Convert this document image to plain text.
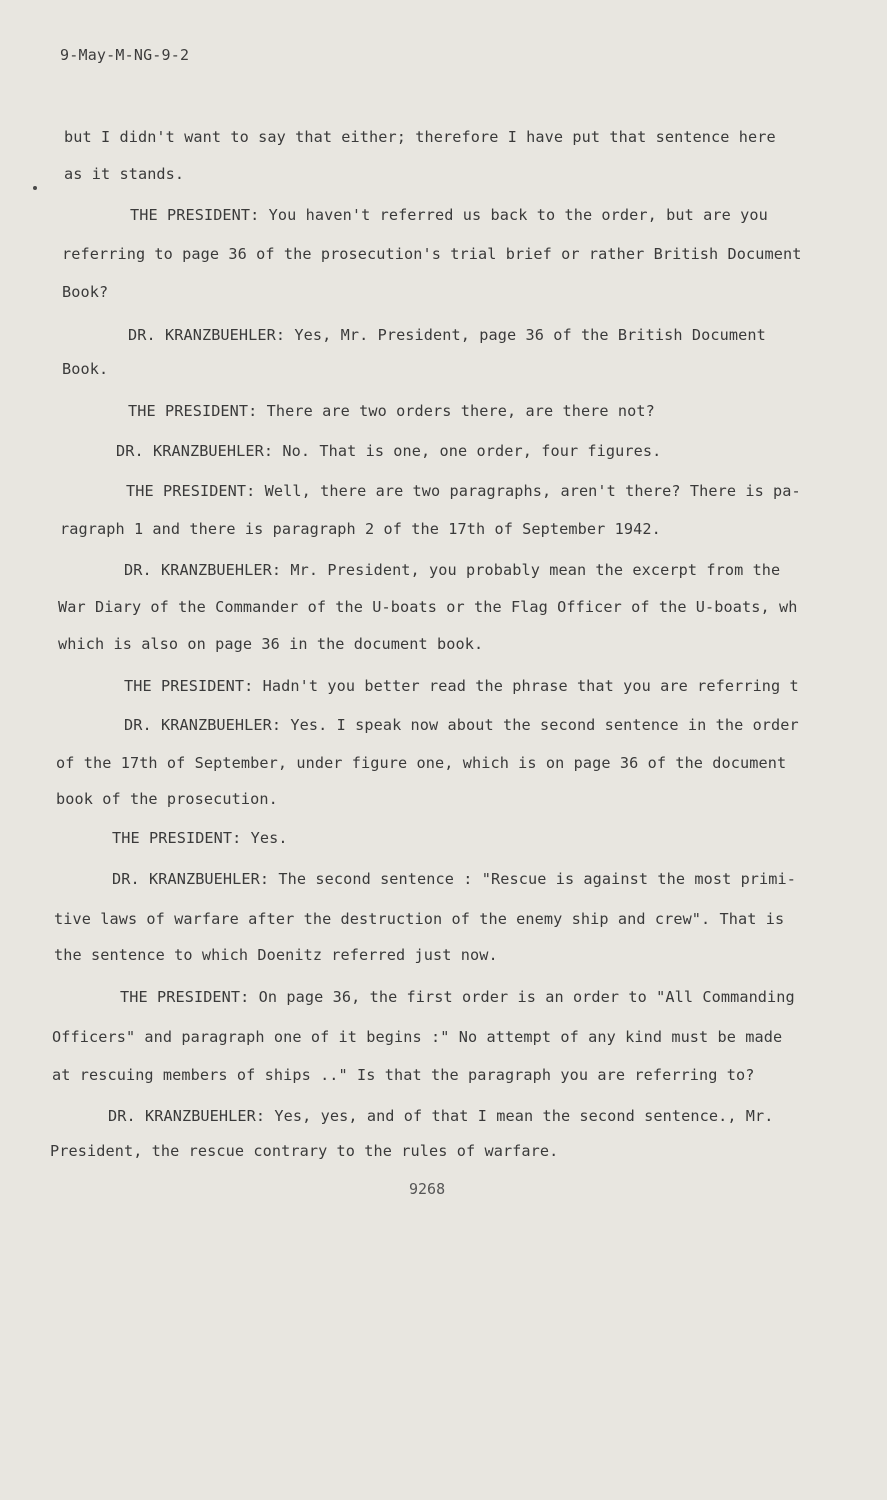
9-May-M-NG-9-2
but I didn't want to say that either; therefore I have put that sentence here
as it stands.
THE PRESIDENT: You haven't referred us back to the order, but are you
referring to page 36 of the prosecution's trial brief or rather British Document
Book?
DR. KRANZBUEHLER: Yes, Mr. President, page 36 of the British Document
Book.
THE PRESIDENT: There are two orders there, are there not?
DR. KRANZBUEHLER: No. That is one, one order, four figures.
THE PRESIDENT: Well, there are two paragraphs, aren't there? There is pa-
ragraph 1 and there is paragraph 2 of the 17th of September 1942.
DR. KRANZBUEHLER: Mr. President, you probably mean the excerpt from the
War Diary of the Commander of the U-boats or the Flag Officer of the U-boats, wh
which is also on page 36 in the document book.
THE PRESIDENT: Hadn't you better read the phrase that you are referring t
DR. KRANZBUEHLER: Yes. I speak now about the second sentence in the order
of the 17th of September, under figure one, which is on page 36 of the document
book of the prosecution.
THE PRESIDENT: Yes.
DR. KRANZBUEHLER: The second sentence : "Rescue is against the most primi-
tive laws of warfare after the destruction of the enemy ship and crew". That is
the sentence to which Doenitz referred just now.
THE PRESIDENT: On page 36, the first order is an order to "All Commanding
Officers" and paragraph one of it begins :" No attempt of any kind must be made
at rescuing members of ships .." Is that the paragraph you are referring to?
DR. KRANZBUEHLER: Yes, yes, and of that I mean the second sentence., Mr.
President, the rescue contrary to the rules of warfare.
9268
